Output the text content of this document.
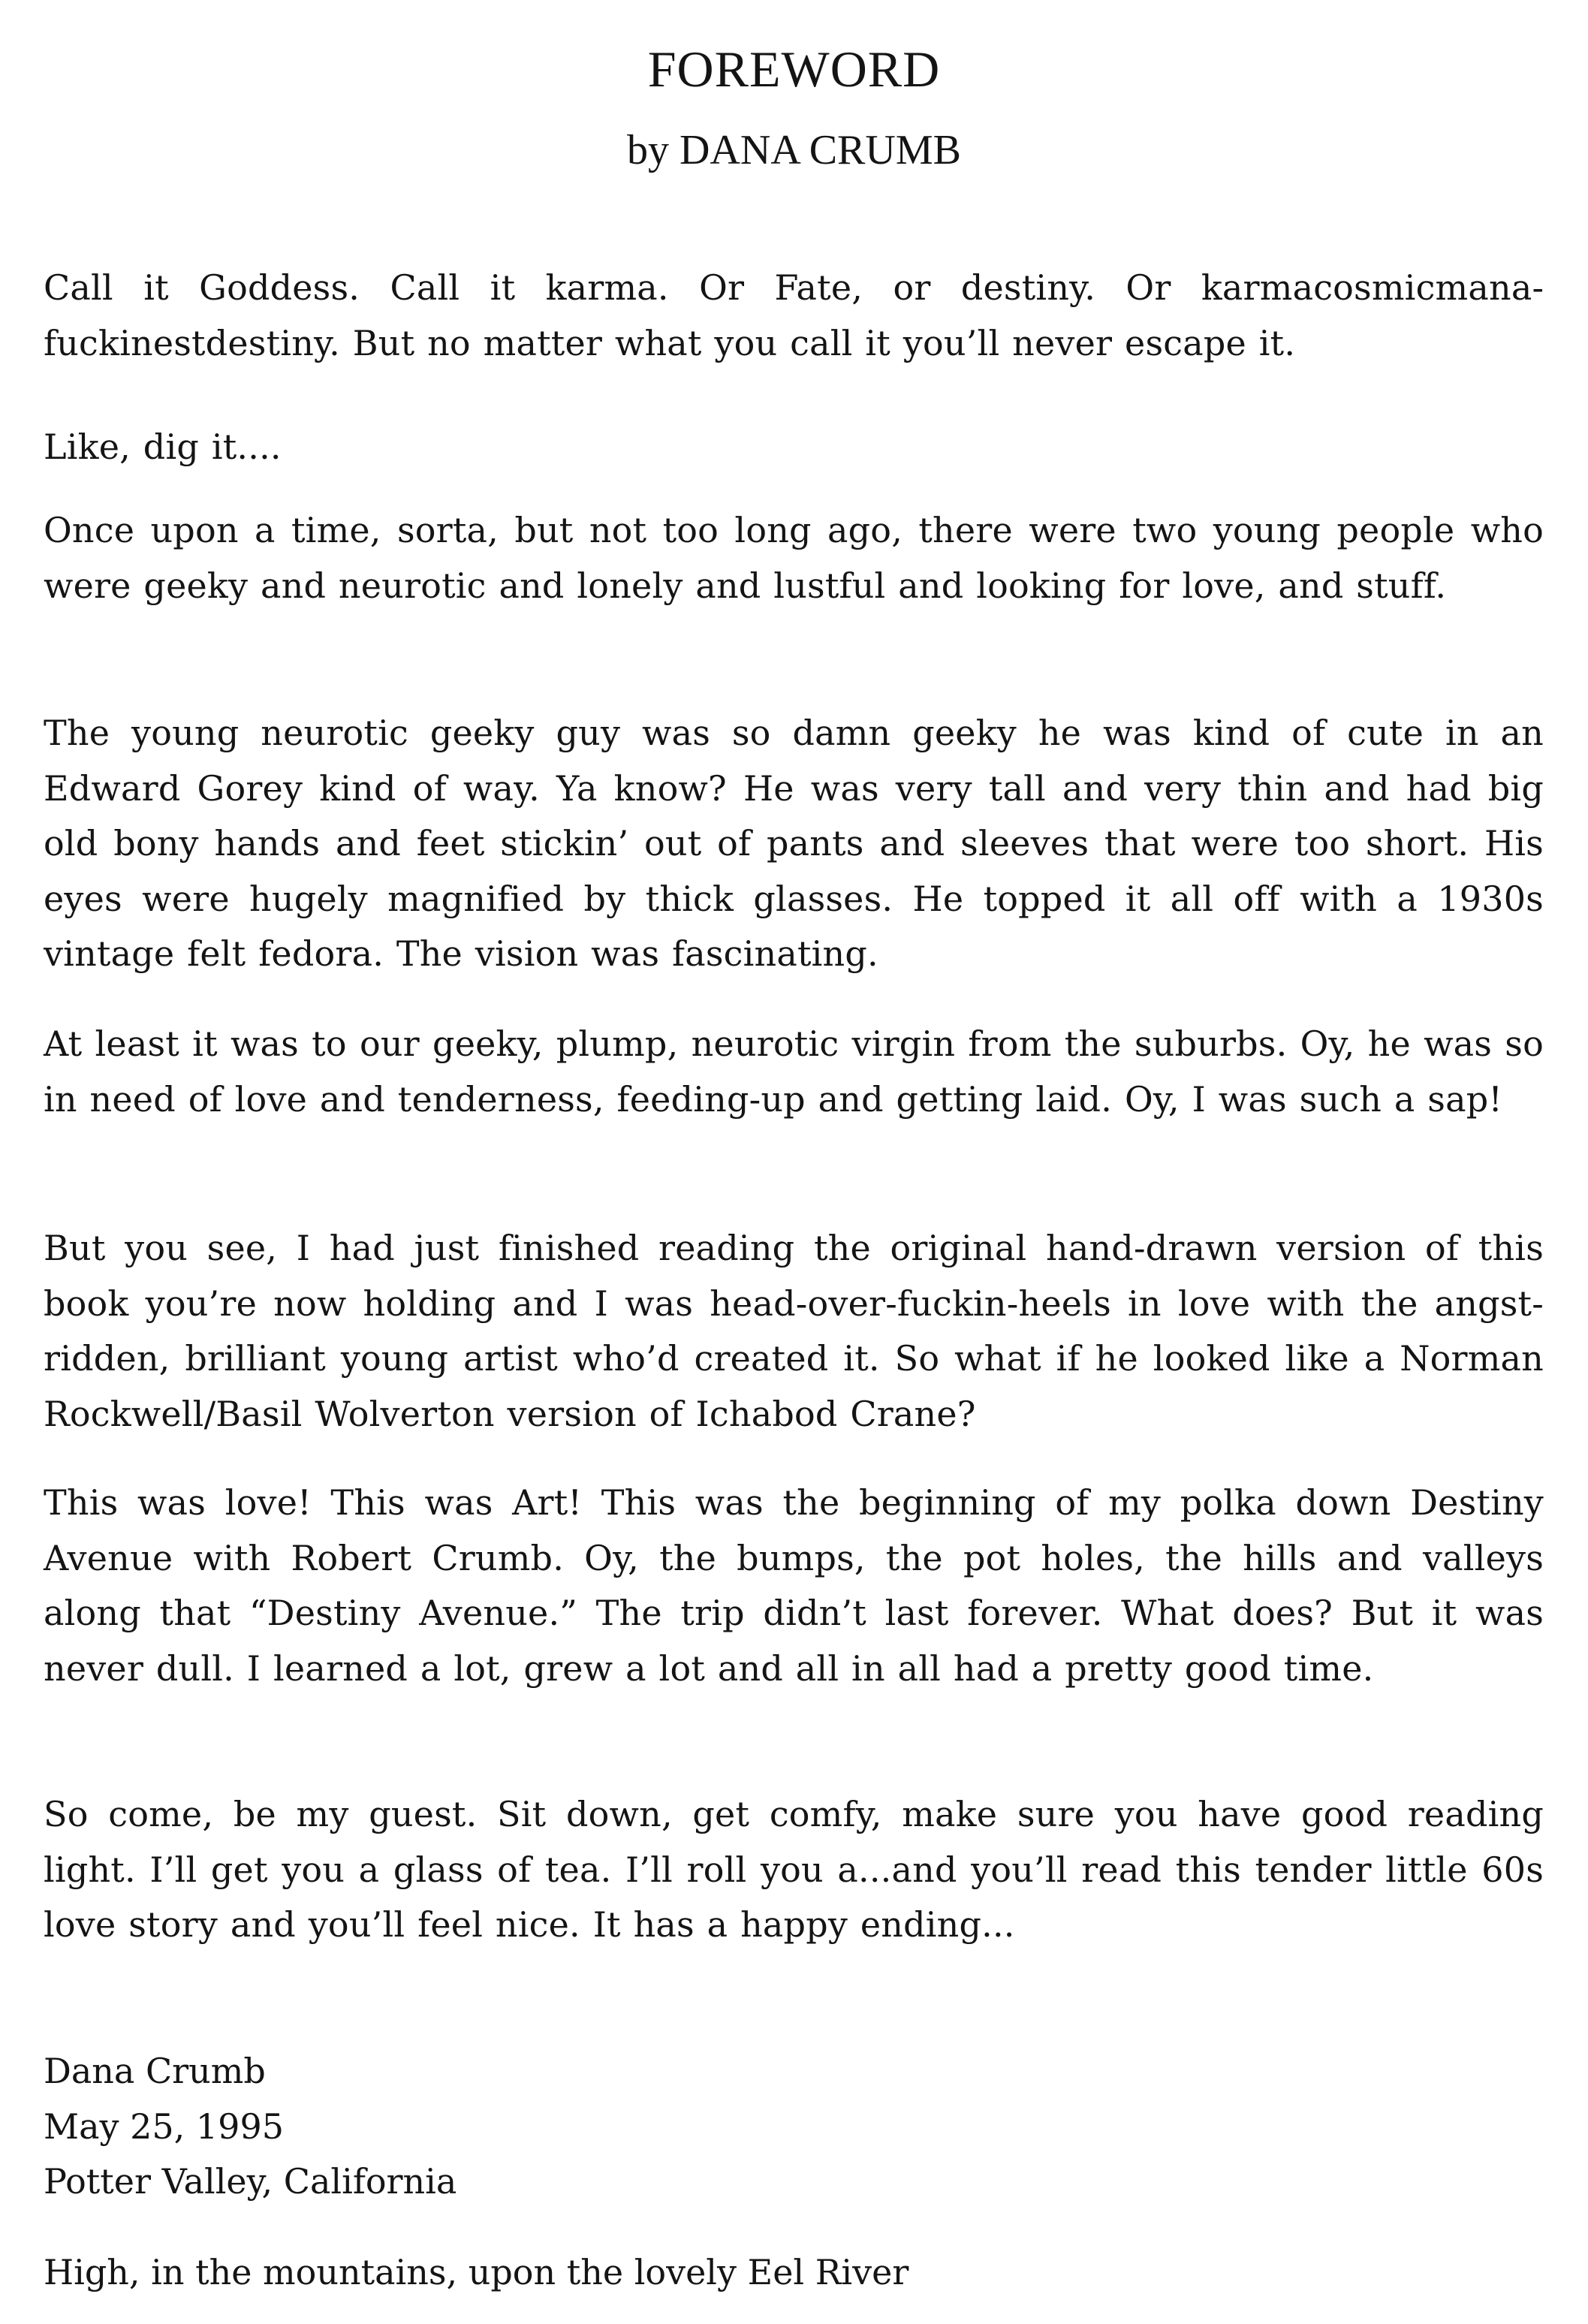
FOREWORD
by DANA CRUMB

Call it Goddess. Call it karma. Or Fate, or destiny. Or karmacosmicmanafuckinestdestiny. But no matter what you call it you’ll never escape it.

Like, dig it....

Once upon a time, sorta, but not too long ago, there were two young people who were geeky and neurotic and lonely and lustful and looking for love, and stuff.

The young neurotic geeky guy was so damn geeky he was kind of cute in an Edward Gorey kind of way. Ya know? He was very tall and very thin and had big old bony hands and feet stickin’ out of pants and sleeves that were too short. His eyes were hugely magnified by thick glasses. He topped it all off with a 1930s vintage felt fedora. The vision was fascinating.

At least it was to our geeky, plump, neurotic virgin from the suburbs. Oy, he was so in need of love and tenderness, feeding-up and getting laid. Oy, I was such a sap!

But you see, I had just finished reading the original hand-drawn version of this book you’re now holding and I was head-over-fuckin-heels in love with the angst-ridden, brilliant young artist who’d created it. So what if he looked like a Norman Rockwell/Basil Wolverton version of Ichabod Crane?

This was love! This was Art! This was the beginning of my polka down Destiny Avenue with Robert Crumb. Oy, the bumps, the pot holes, the hills and valleys along that “Destiny Avenue.” The trip didn’t last forever. What does? But it was never dull. I learned a lot, grew a lot and all in all had a pretty good time.

So come, be my guest. Sit down, get comfy, make sure you have good reading light. I’ll get you a glass of tea. I’ll roll you a...and you’ll read this tender little 60s love story and you’ll feel nice. It has a happy ending...

Dana Crumb

May 25, 1995

Potter Valley, California

High, in the mountains, upon the lovely Eel River
